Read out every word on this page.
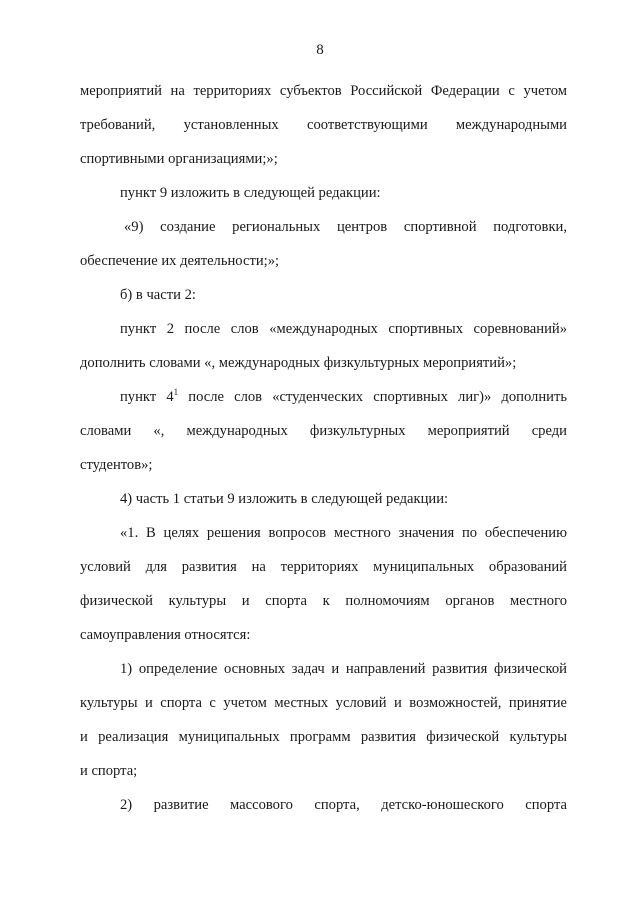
8

мероприятий на территориях субъектов Российской Федерации с учетом

требований, установленных соответствующими международными

спортивными организациями;»;

пункт 9 изложить в следующей редакции:

«9) создание региональных центров спортивной подготовки,

обеспечение их деятельности;»;

б) в части 2:

пункт 2 после слов «международных спортивных соревнований»

дополнить словами «, международных физкультурных мероприятий»;

пункт $4^1$ после слов «студенческих спортивных лиг)» дополнить

словами «, международных физкультурных мероприятий среди

студентов»;

4) часть 1 статьи 9 изложить в следующей редакции:

«1. В целях решения вопросов местного значения по обеспечению

условий для развития на территориях муниципальных образований

физической культуры и спорта к полномочиям органов местного

самоуправления относятся:

1) определение основных задач и направлений развития физической

культуры и спорта с учетом местных условий и возможностей, принятие

и реализация муниципальных программ развития физической культуры

и спорта;

2) развитие массового спорта, детско-юношеского спорта
